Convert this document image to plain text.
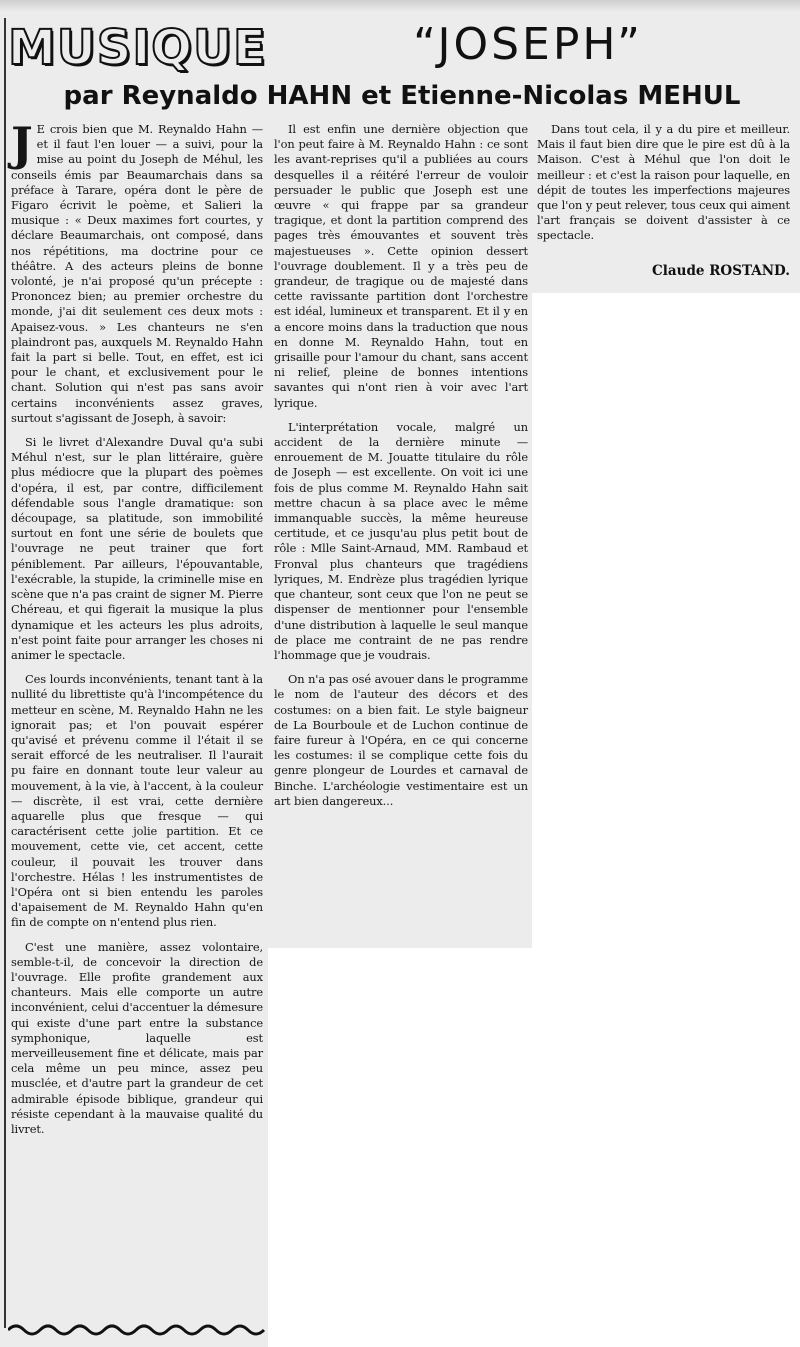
MUSIQUE	“JOSEPH”
par Reynaldo HAHN et Etienne-Nicolas MEHUL

J E crois bien que M. Reynaldo Hahn — et il faut l'en louer — a suivi, pour la mise au point du Joseph de Méhul, les conseils émis par Beaumarchais dans sa préface à Tarare, opéra dont le père de Figaro écrivit le poème, et Salieri la musique : « Deux maximes fort courtes, y déclare Beaumarchais, ont composé, dans nos répétitions, ma doctrine pour ce théâtre. A des acteurs pleins de bonne volonté, je n'ai proposé qu'un précepte : Prononcez bien; au premier orchestre du monde, j'ai dit seulement ces deux mots : Apaisez-vous. » Les chanteurs ne s'en plaindront pas, auxquels M. Reynaldo Hahn fait la part si belle. Tout, en effet, est ici pour le chant, et exclusivement pour le chant. Solution qui n'est pas sans avoir certains inconvénients assez graves, surtout s'agissant de Joseph, à savoir:

Si le livret d'Alexandre Duval qu'a subi Méhul n'est, sur le plan littéraire, guère plus médiocre que la plupart des poèmes d'opéra, il est, par contre, difficilement défendable sous l'angle dramatique: son découpage, sa platitude, son immobilité surtout en font une série de boulets que l'ouvrage ne peut trainer que fort péniblement. Par ailleurs, l'épouvantable, l'exécrable, la stupide, la criminelle mise en scène que n'a pas craint de signer M. Pierre Chéreau, et qui figerait la musique la plus dynamique et les acteurs les plus adroits, n'est point faite pour arranger les choses ni animer le spectacle.

Ces lourds inconvénients, tenant tant à la nullité du librettiste qu'à l'incompétence du metteur en scène, M. Reynaldo Hahn ne les ignorait pas; et l'on pouvait espérer qu'avisé et prévenu comme il l'était il se serait efforcé de les neutraliser. Il l'aurait pu faire en donnant toute leur valeur au mouvement, à la vie, à l'accent, à la couleur — discrète, il est vrai, cette dernière aquarelle plus que fresque — qui caractérisent cette jolie partition. Et ce mouvement, cette vie, cet accent, cette couleur, il pouvait les trouver dans l'orchestre. Hélas ! les instrumentistes de l'Opéra ont si bien entendu les paroles d'apaisement de M. Reynaldo Hahn qu'en fin de compte on n'entend plus rien.

C'est une manière, assez volontaire, semble-t-il, de concevoir la direction de l'ouvrage. Elle profite grandement aux chanteurs. Mais elle comporte un autre inconvénient, celui d'accentuer la démesure qui existe d'une part entre la substance symphonique, laquelle est merveilleusement fine et délicate, mais par cela même un peu mince, assez peu musclée, et d'autre part la grandeur de cet admirable épisode biblique, grandeur qui résiste cependant à la mauvaise qualité du livret.

Il est enfin une dernière objection que l'on peut faire à M. Reynaldo Hahn : ce sont les avant-reprises qu'il a publiées au cours desquelles il a réitéré l'erreur de vouloir persuader le public que Joseph est une œuvre « qui frappe par sa grandeur tragique, et dont la partition comprend des pages très émouvantes et souvent très majestueuses ». Cette opinion dessert l'ouvrage doublement. Il y a très peu de grandeur, de tragique ou de majesté dans cette ravissante partition dont l'orchestre est idéal, lumineux et transparent. Et il y en a encore moins dans la traduction que nous en donne M. Reynaldo Hahn, tout en grisaille pour l'amour du chant, sans accent ni relief, pleine de bonnes intentions savantes qui n'ont rien à voir avec l'art lyrique.

L'interprétation vocale, malgré un accident de la dernière minute — enrouement de M. Jouatte titulaire du rôle de Joseph — est excellente. On voit ici une fois de plus comme M. Reynaldo Hahn sait mettre chacun à sa place avec le même immanquable succès, la même heureuse certitude, et ce jusqu'au plus petit bout de rôle : Mlle Saint-Arnaud, MM. Rambaud et Fronval plus chanteurs que tragédiens lyriques, M. Endrèze plus tragédien lyrique que chanteur, sont ceux que l'on ne peut se dispenser de mentionner pour l'ensemble d'une distribution à laquelle le seul manque de place me contraint de ne pas rendre l'hommage que je voudrais.

On n'a pas osé avouer dans le programme le nom de l'auteur des décors et des costumes: on a bien fait. Le style baigneur de La Bourboule et de Luchon continue de faire fureur à l'Opéra, en ce qui concerne les costumes: il se complique cette fois du genre plongeur de Lourdes et carnaval de Binche. L'archéologie vestimentaire est un art bien dangereux...

Dans tout cela, il y a du pire et meilleur. Mais il faut bien dire que le pire est dû à la Maison. C'est à Méhul que l'on doit le meilleur : et c'est la raison pour laquelle, en dépit de toutes les imperfections majeures que l'on y peut relever, tous ceux qui aiment l'art français se doivent d'assister à ce spectacle.

Claude ROSTAND.
